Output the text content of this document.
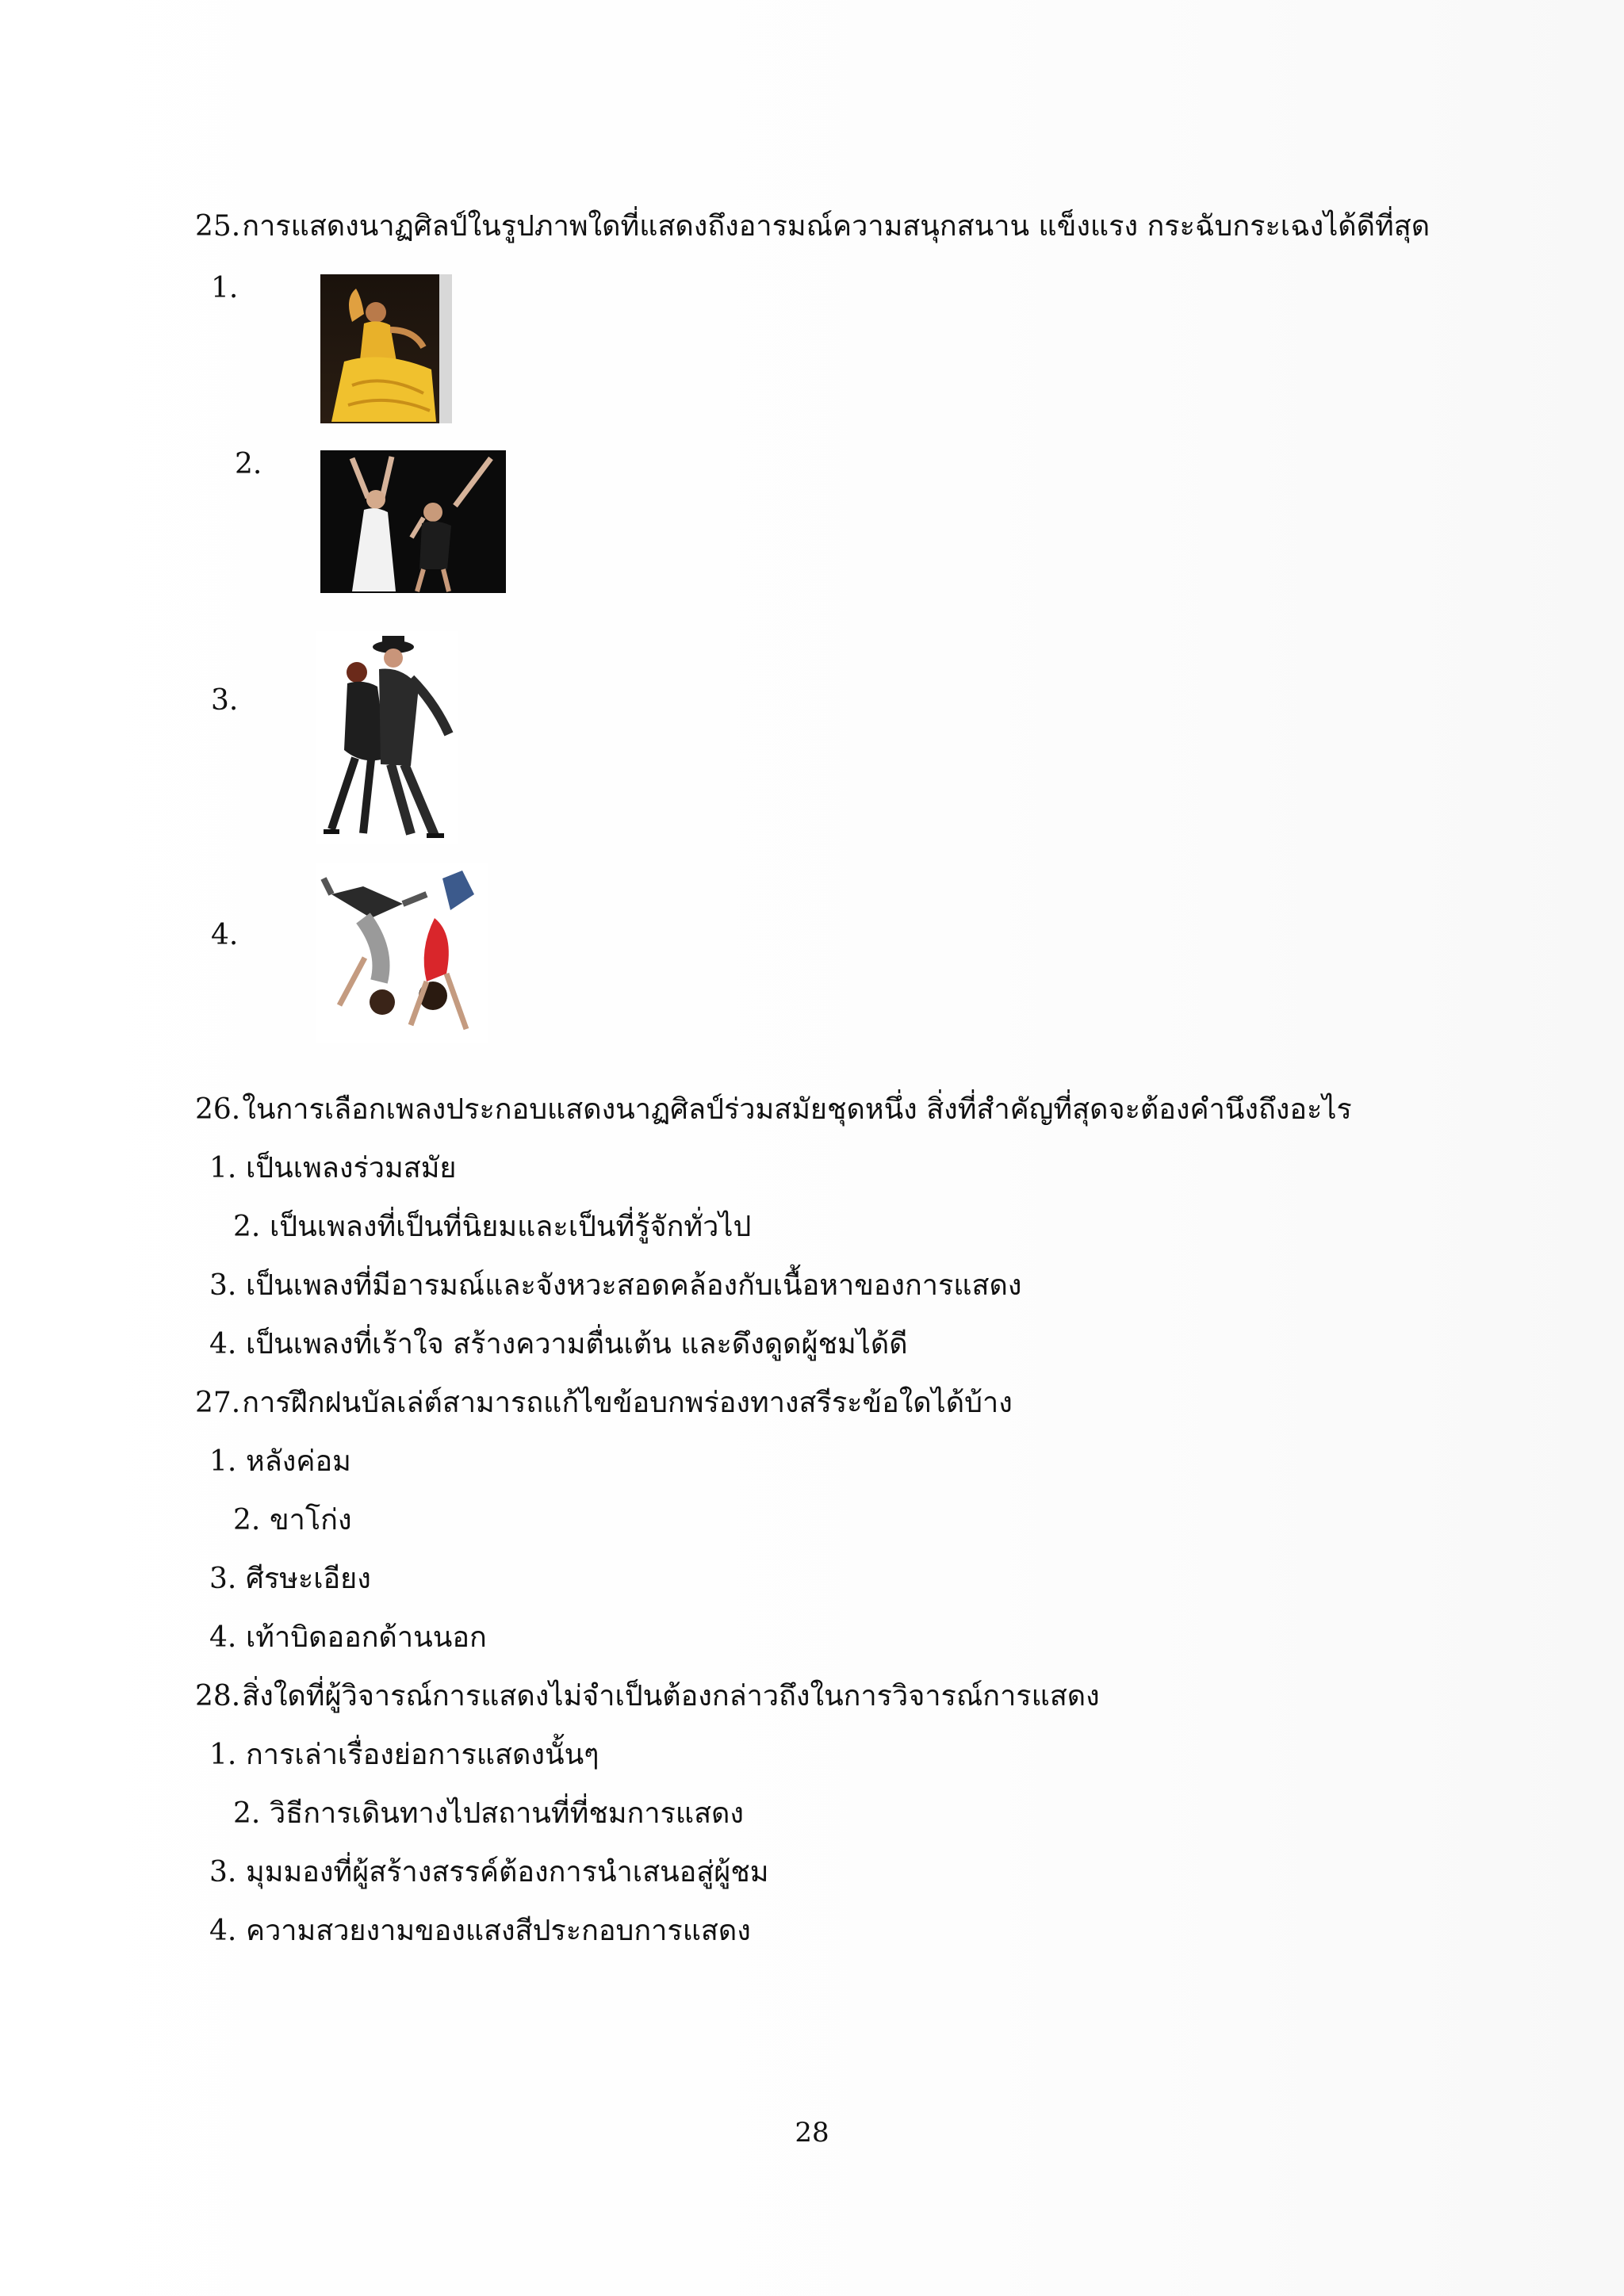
25.การแสดงนาฏศิลป์ในรูปภาพใดที่แสดงถึงอารมณ์ความสนุกสนาน แข็งแรง กระฉับกระเฉงได้ดีที่สุด
1.
2.
3.
4.
26.ในการเลือกเพลงประกอบแสดงนาฏศิลป์ร่วมสมัยชุดหนึ่ง สิ่งที่สำคัญที่สุดจะต้องคำนึงถึงอะไร
1. เป็นเพลงร่วมสมัย
2. เป็นเพลงที่เป็นที่นิยมและเป็นที่รู้จักทั่วไป
3. เป็นเพลงที่มีอารมณ์และจังหวะสอดคล้องกับเนื้อหาของการแสดง
4. เป็นเพลงที่เร้าใจ สร้างความตื่นเต้น และดึงดูดผู้ชมได้ดี
27.การฝึกฝนบัลเล่ต์สามารถแก้ไขข้อบกพร่องทางสรีระข้อใดได้บ้าง
1. หลังค่อม
2. ขาโก่ง
3. ศีรษะเอียง
4. เท้าบิดออกด้านนอก
28.สิ่งใดที่ผู้วิจารณ์การแสดงไม่จำเป็นต้องกล่าวถึงในการวิจารณ์การแสดง
1. การเล่าเรื่องย่อการแสดงนั้นๆ
2. วิธีการเดินทางไปสถานที่ที่ชมการแสดง
3. มุมมองที่ผู้สร้างสรรค์ต้องการนำเสนอสู่ผู้ชม
4. ความสวยงามของแสงสีประกอบการแสดง
28
